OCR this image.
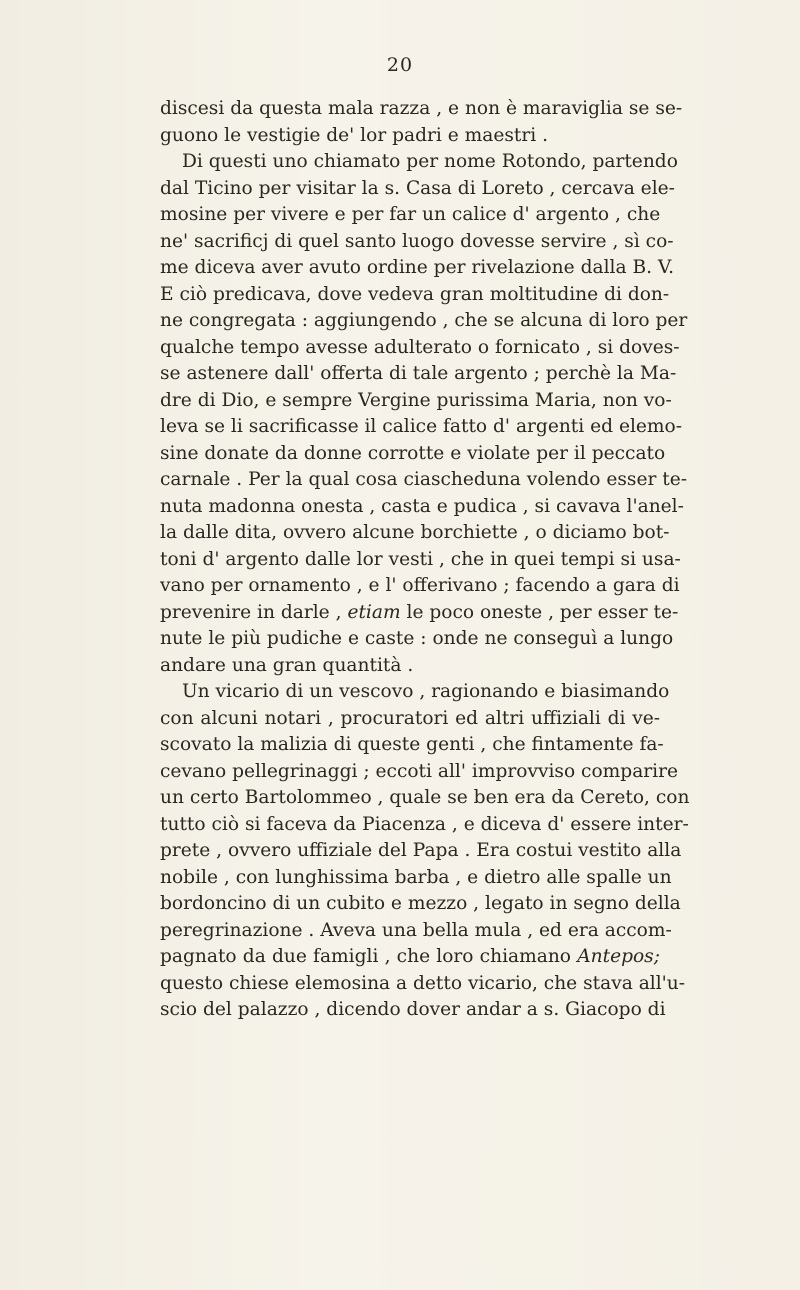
20
discesi da questa mala razza , e non è maraviglia se se-
guono le vestigie de' lor padri e maestri .
Di questi uno chiamato per nome Rotondo, partendo
dal Ticino per visitar la s. Casa di Loreto , cercava ele-
mosine per vivere e per far un calice d' argento , che
ne' sacrificj di quel santo luogo dovesse servire , sì co-
me diceva aver avuto ordine per rivelazione dalla B. V.
E ciò predicava, dove vedeva gran moltitudine di don-
ne congregata : aggiungendo , che se alcuna di loro per
qualche tempo avesse adulterato o fornicato , si doves-
se astenere dall' offerta di tale argento ; perchè la Ma-
dre di Dio, e sempre Vergine purissima Maria, non vo-
leva se li sacrificasse il calice fatto d' argenti ed elemo-
sine donate da donne corrotte e violate per il peccato
carnale . Per la qual cosa ciascheduna volendo esser te-
nuta madonna onesta , casta e pudica , si cavava l'anel-
la dalle dita, ovvero alcune borchiette , o diciamo bot-
toni d' argento dalle lor vesti , che in quei tempi si usa-
vano per ornamento , e l' offerivano ; facendo a gara di
prevenire in darle , etiam le poco oneste , per esser te-
nute le più pudiche e caste : onde ne conseguì a lungo
andare una gran quantità .
Un vicario di un vescovo , ragionando e biasimando
con alcuni notari , procuratori ed altri uffiziali di ve-
scovato la malizia di queste genti , che fintamente fa-
cevano pellegrinaggi ; eccoti all' improvviso comparire
un certo Bartolommeo , quale se ben era da Cereto, con
tutto ciò si faceva da Piacenza , e diceva d' essere inter-
prete , ovvero uffiziale del Papa . Era costui vestito alla
nobile , con lunghissima barba , e dietro alle spalle un
bordoncino di un cubito e mezzo , legato in segno della
peregrinazione . Aveva una bella mula , ed era accom-
pagnato da due famigli , che loro chiamano Antepos;
questo chiese elemosina a detto vicario, che stava all'u-
scio del palazzo , dicendo dover andar a s. Giacopo di
